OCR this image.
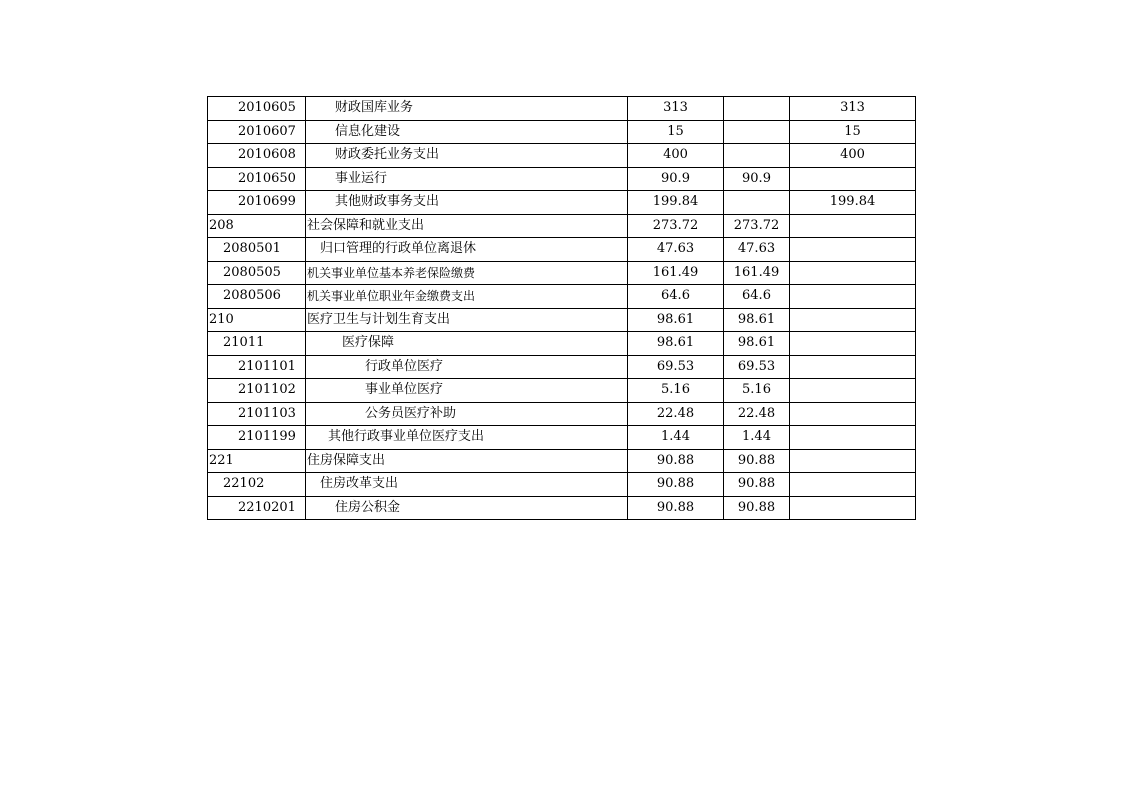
2010605	财政国库业务	313		313
2010607	信息化建设	15		15
2010608	财政委托业务支出	400		400
2010650	事业运行	90.9	90.9	
2010699	其他财政事务支出	199.84		199.84
208	社会保障和就业支出	273.72	273.72	
2080501	归口管理的行政单位离退休	47.63	47.63	
2080505	机关事业单位基本养老保险缴费	161.49	161.49	
2080506	机关事业单位职业年金缴费支出	64.6	64.6	
210	医疗卫生与计划生育支出	98.61	98.61	
21011	医疗保障	98.61	98.61	
2101101	行政单位医疗	69.53	69.53	
2101102	事业单位医疗	5.16	5.16	
2101103	公务员医疗补助	22.48	22.48	
2101199	其他行政事业单位医疗支出	1.44	1.44	
221	住房保障支出	90.88	90.88	
22102	住房改革支出	90.88	90.88	
2210201	住房公积金	90.88	90.88	
